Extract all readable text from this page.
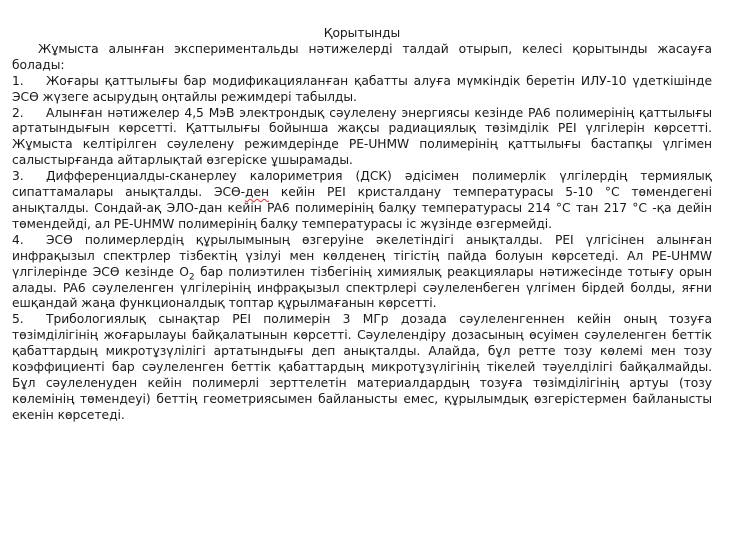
Қорытынды

Жұмыста алынған экспериментальды нәтижелерді талдай отырып, келесі қорытынды жасауға болады:

1. Жоғары қаттылығы бар модификацияланған қабатты алуға мүмкіндік беретін ИЛУ-10 үдеткішінде ЭСӨ жүзеге асырудың оңтайлы режимдері табылды.

2. Алынған нәтижелер 4,5 МэВ электрондық сәулелену энергиясы кезінде PA6 полимерінің қаттылығы артатындығын көрсетті. Қаттылығы бойынша жақсы радиациялық төзімділік PEI үлгілерін көрсетті. Жұмыста келтірілген сәулелену режимдерінде PE-UHMW полимерінің қаттылығы бастапқы үлгімен салыстырғанда айтарлықтай өзгеріске ұшырамады.

3. Дифференциалды-сканерлеу калориметрия (ДСК) әдісімен полимерлік үлгілердің термиялық сипаттамалары анықталды. ЭСӨ-ден кейін PEI кристалдану температурасы 5-10 °С төмендегені анықталды. Сондай-ақ ЭЛО-дан кейін PA6 полимерінің балқу температурасы 214 °С тан 217 °С -қа дейін төмендейді, ал PE-UHMW полимерінің балқу температурасы іс жүзінде өзгермейді.

4. ЭСӨ полимерлердің құрылымының өзгеруіне әкелетіндігі анықталды. PEI үлгісінен алынған инфрақызыл спектрлер тізбектің үзілуі мен көлденең тігістің пайда болуын көрсетеді. Ал PE-UHMW үлгілерінде ЭСӨ кезінде $O_2$ бар полиэтилен тізбегінің химиялық реакциялары нәтижесінде тотығу орын алады. PA6 сәулеленген үлгілерінің инфрақызыл спектрлері сәулеленбеген үлгімен бірдей болды, яғни ешқандай жаңа функционалдық топтар құрылмағанын көрсетті.

5. Трибологиялық сынақтар PEI полимерін 3 МГр дозада сәулеленгеннен кейін оның тозуға төзімділігінің жоғарылауы байқалатынын көрсетті. Сәулелендіру дозасының өсуімен сәулеленген беттік қабаттардың микротұзүлілігі артатындығы деп анықталды. Алайда, бұл ретте тозу көлемі мен тозу коэффициенті бар сәулеленген беттік қабаттардың микротұзүлігінің тікелей тәуелділігі байқалмайды. Бұл сәулеленуден кейін полимерлі зерттелетін материалдардың тозуға төзімділігінің артуы (тозу көлемінің төмендеуі) беттің геометриясымен байланысты емес, құрылымдық өзгерістермен байланысты екенін көрсетеді.
